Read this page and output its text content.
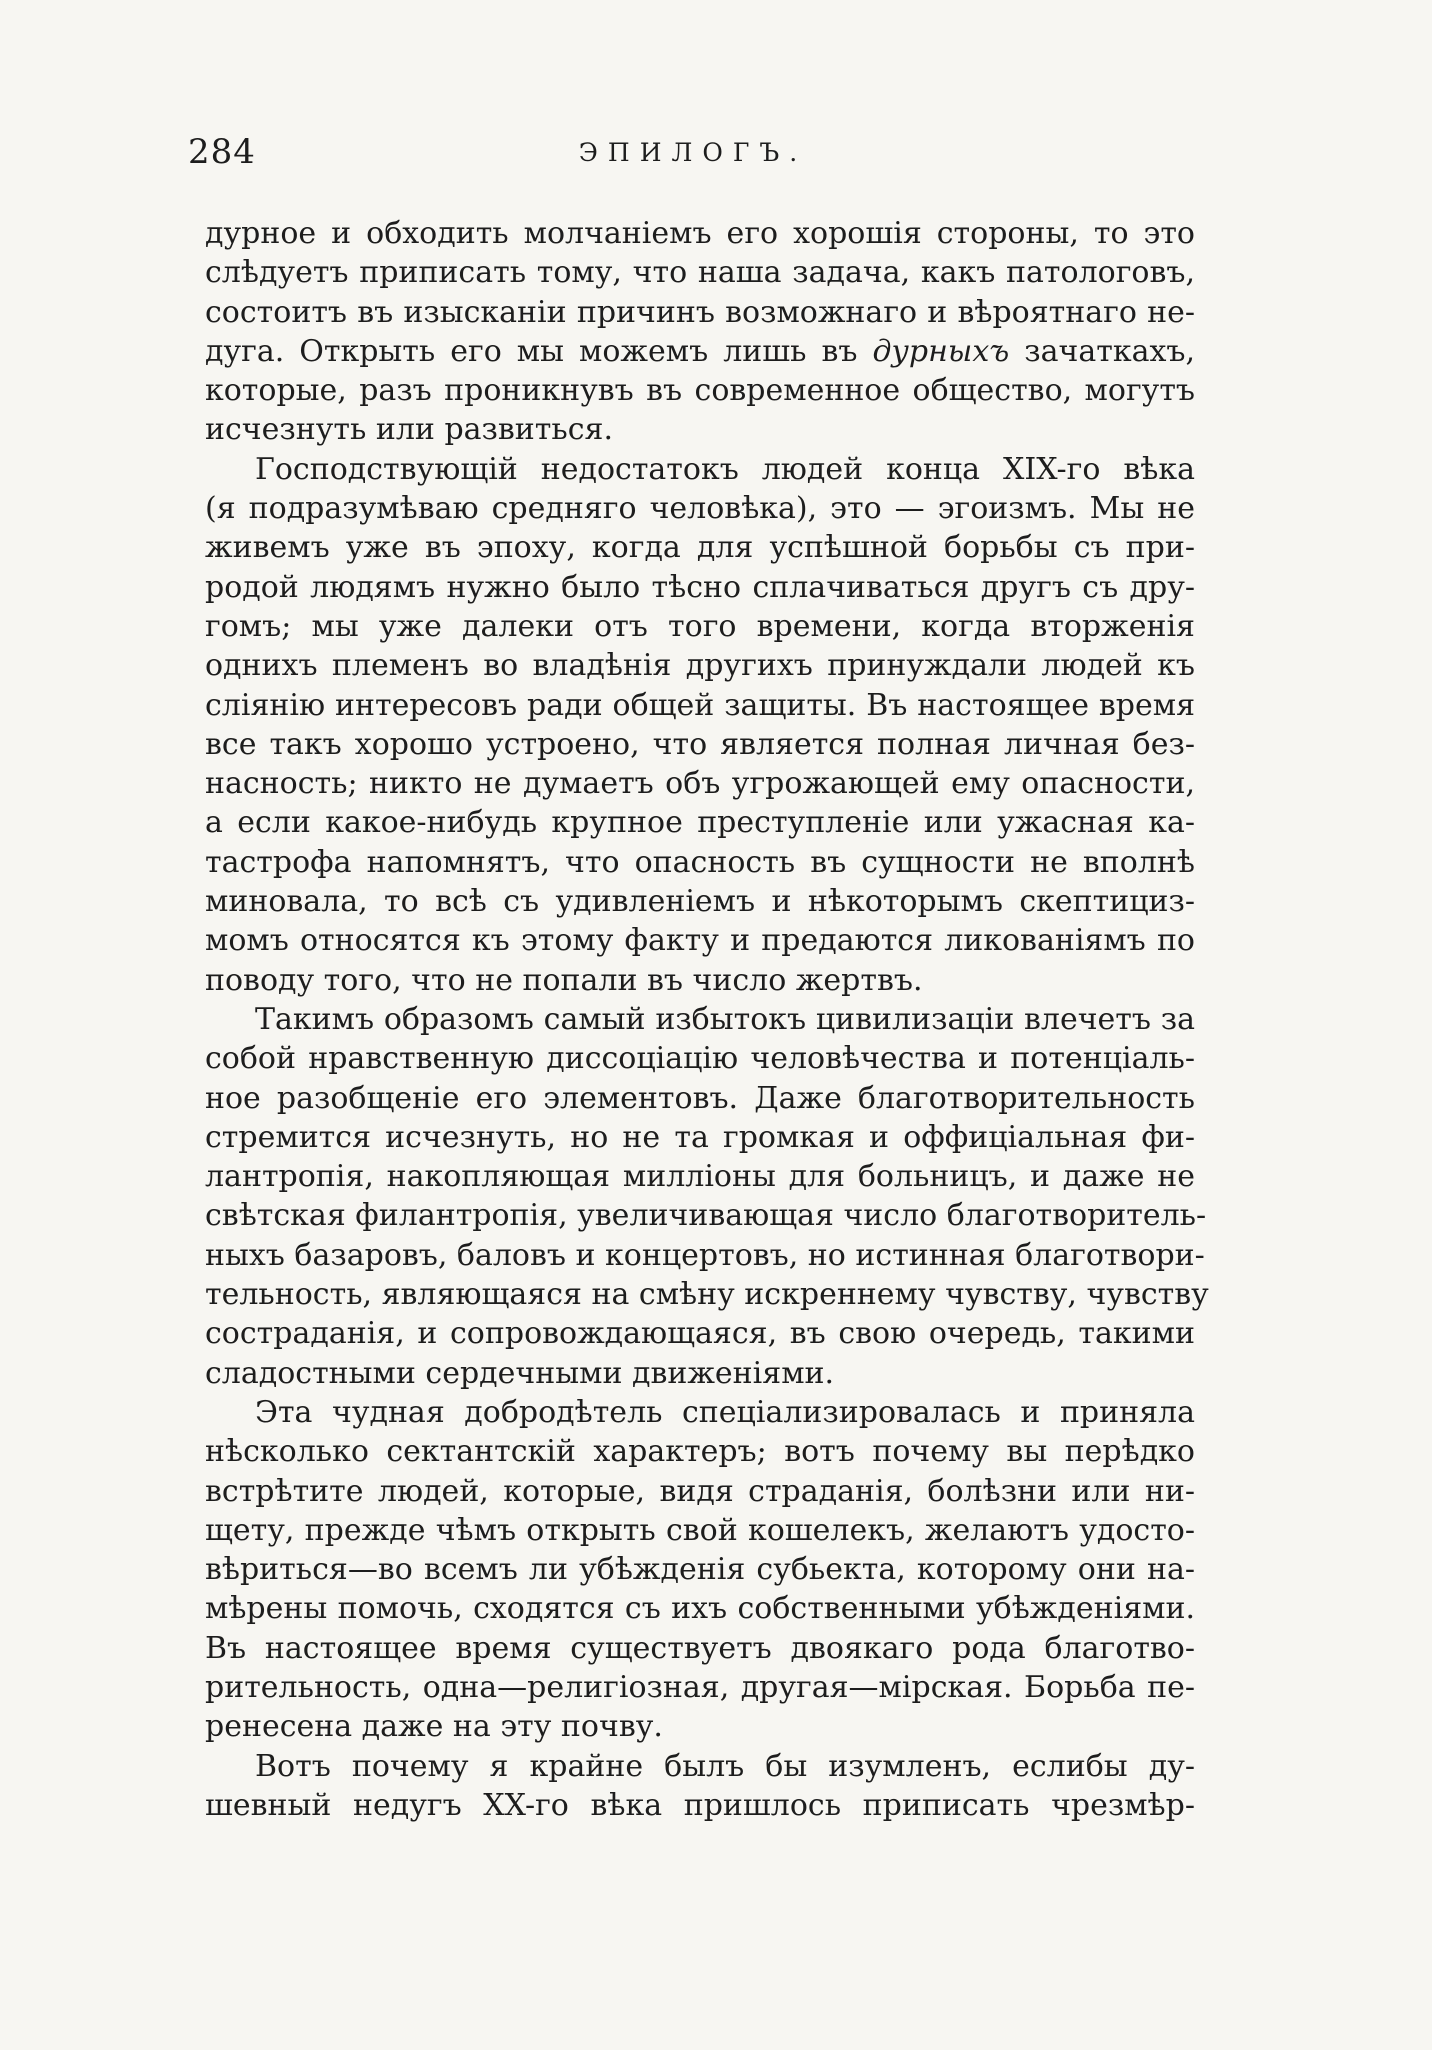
284	ЭПИЛОГЪ.
дурное и обходить молчаніемъ его хорошія стороны, то это
слѣдуетъ приписать тому, что наша задача, какъ патологовъ,
состоитъ въ изысканіи причинъ возможнаго и вѣроятнаго не-
дуга. Открыть его мы можемъ лишь въ дурныхъ зачаткахъ,
которые, разъ проникнувъ въ современное общество, могутъ
исчезнуть или развиться.
Господствующій недостатокъ людей конца XIX-го вѣка
(я подразумѣваю средняго человѣка), это — эгоизмъ. Мы не
живемъ уже въ эпоху, когда для успѣшной борьбы съ при-
родой людямъ нужно было тѣсно сплачиваться другъ съ дру-
гомъ; мы уже далеки отъ того времени, когда вторженія
однихъ племенъ во владѣнія другихъ принуждали людей къ
слiянію интересовъ ради общей защиты. Въ настоящее время
все такъ хорошо устроено, что является полная личная без-
насность; никто не думаетъ объ угрожающей ему опасности,
а если какое-нибудь крупное преступленіе или ужасная ка-
тастрофа напомнятъ, что опасность въ сущности не вполнѣ
миновала, то всѣ съ удивленіемъ и нѣкоторымъ скептициз-
момъ относятся къ этому факту и предаются ликованіямъ по
поводу того, что не попали въ число жертвъ.
Такимъ образомъ самый избытокъ цивилизаціи влечетъ за
собой нравственную диссоціацію человѣчества и потенціаль-
ное разобщеніе его элементовъ. Даже благотворительность
стремится исчезнуть, но не та громкая и оффиціальная фи-
лантропія, накопляющая милліоны для больницъ, и даже не
свѣтская филантропія, увеличивающая число благотворитель-
ныхъ базаровъ, баловъ и концертовъ, но истинная благотвори-
тельность, являющаяся на смѣну искреннему чувству, чувству
состраданія, и сопровождающаяся, въ свою очередь, такими
сладостными сердечными движеніями.
Эта чудная добродѣтель спеціализировалась и приняла
нѣсколько сектантскій характеръ; вотъ почему вы перѣдко
встрѣтите людей, которые, видя страданія, болѣзни или ни-
щету, прежде чѣмъ открыть свой кошелекъ, желаютъ удосто-
вѣриться—во всемъ ли убѣжденія субьекта, которому они на-
мѣрены помочь, сходятся съ ихъ собственными убѣжденіями.
Въ настоящее время существуетъ двоякаго рода благотво-
рительность, одна—религіозная, другая—мірская. Борьба пе-
ренесена даже на эту почву.
Вотъ почему я крайне былъ бы изумленъ, еслибы ду-
шевный недугъ XX-го вѣка пришлось приписать чрезмѣр-
